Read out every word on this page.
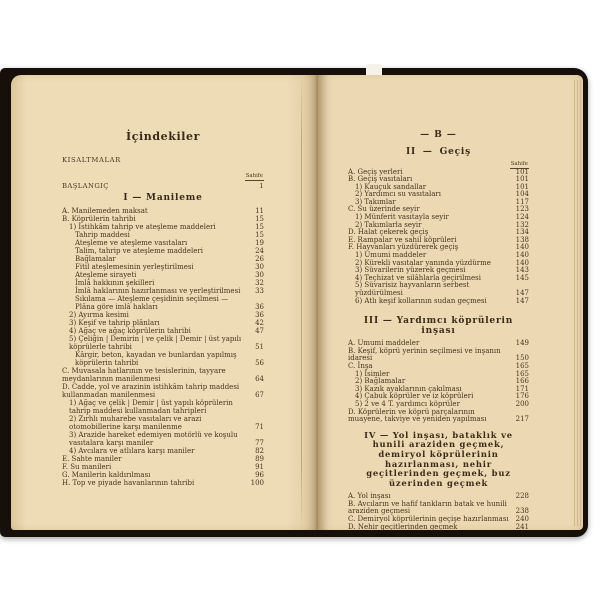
İçindekiler
KISALTMALAR
Sahife
BAŞLANGIÇ	1
I — Manileme
A. Manilemeden maksat	11
B. Köprülerin tahribi	15
1) İstihkâm tahrip ve ateşleme maddeleri	15
Tahrip maddesi	15
Ateşleme ve ateşleme vasıtaları	19
Talim, tahrip ve ateşleme maddeleri	24
Bağlamalar	26
Fitil ateşlemesinin yerleştirilmesi	30
Ateşleme sirayeti	30
İmlâ hakkının şekilleri	32
İmlâ haklarının hazırlanması ve yerleştirilmesi	33
Sıkılama — Ateşleme çeşidinin seçilmesi — Plâna göre imlâ hakları	36
2) Ayırma kesimi	36
3) Keşif ve tahrip plânları	42
4) Ağaç ve ağaç köprülerin tahribi	47
5) Çeliğin | Demirin | ve çelik | Demir | üst yapılı köprülerle tahribi	51
Kârgir, beton, kayadan ve bunlardan yapılmış köprülerin tahribi	56
C. Muvasala hatlarının ve tesislerinin, tayyare meydanlarının manilenmesi	64
D. Cadde, yol ve arazinin istihkâm tahrip maddesi kullanmadan manilenmesi	67
1) Ağaç ve çelik | Demir | üst yapılı köprülerin tahrip maddesi kullanmadan tahripleri
2) Zırhlı muharebe vasıtaları ve arazi otomobillerine karşı manilenme	71
3) Arazide hareket edemiyen motörlü ve koşulu vasıtalara karşı maniler	77
4) Avcılara ve atlılara karşı maniler	82
E. Sahte maniler	89
F. Su manileri	91
G. Manilerin kaldırılması	96
H. Top ve piyade havanlarının tahribi	100
— B —
II — Geçiş
Sahife
A. Geçiş yerleri	101
B. Geçiş vasıtaları	101
1) Kauçuk sandallar	101
2) Yardımcı su vasıtaları	104
3) Takımlar	117
C. Su üzerinde seyir	123
1) Münferit vasıtayla seyir	124
2) Takımlarla seyir	132
D. Halat çekerek geçiş	134
E. Rampalar ve sahil köprüleri	138
F. Hayvanları yüzdürerek geçiş	140
1) Umumi maddeler	140
2) Kürekli vasıtalar yanında yüzdürme	140
3) Süvarilerin yüzerek geçmesi	143
4) Teçhizat ve silâhlarla geçirilmesi	145
5) Süvarisiz hayvanların serbest yüzdürülmesi	147
6) Atlı keşif kollarının sudan geçmesi	147
III — Yardımcı köprülerin inşası
A. Umumi maddeler	149
B. Keşif, köprü yerinin seçilmesi ve inşanın idaresi	150
C. İnşa	165
1) İsimler	165
2) Bağlamalar	166
3) Kazık ayaklarının çakılması	171
4) Çabuk köprüler ve iz köprüleri	176
5) 2 ve 4 T. yardımcı köprüler	200
D. Köprülerin ve köprü parçalarının muayene, takviye ve yeniden yapılması	217
IV — Yol inşası, bataklık ve hunili araziden geçmek, demiryol köprülerinin hazırlanması, nehir geçitlerinden geçmek, buz üzerinden geçmek
A. Yol inşası	228
B. Avcıların ve hafif tankların batak ve hunili araziden geçmesi	238
C. Demiryol köprülerinin geçişe hazırlanması 240
D. Nehir geçitlerinden geçmek	241
